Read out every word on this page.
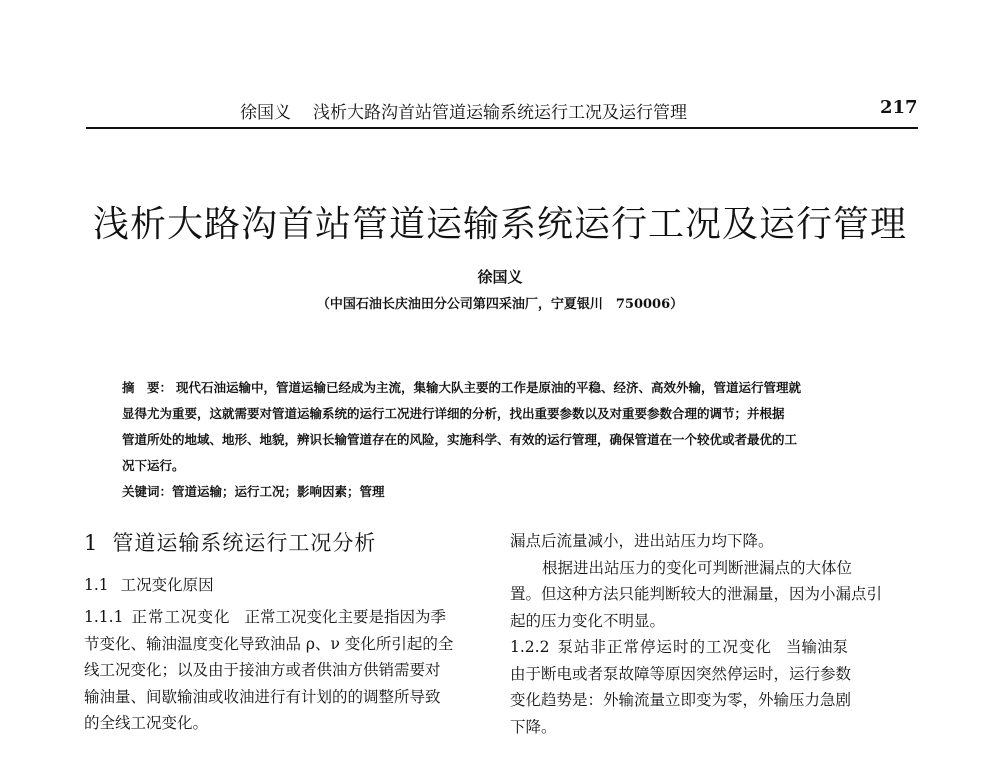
徐国义 浅析大路沟首站管道运输系统运行工况及运行管理	217
浅析大路沟首站管道运输系统运行工况及运行管理
徐国义
（中国石油长庆油田分公司第四采油厂，宁夏银川　750006）
摘　要： 现代石油运输中，管道运输已经成为主流，集输大队主要的工作是原油的平稳、经济、高效外输，管道运行管理就
显得尤为重要，这就需要对管道运输系统的运行工况进行详细的分析，找出重要参数以及对重要参数合理的调节；并根据
管道所处的地域、地形、地貌，辨识长输管道存在的风险，实施科学、有效的运行管理，确保管道在一个较优或者最优的工
况下运行。
关键词：管道运输；运行工况；影响因素；管理
1 管道运输系统运行工况分析
1.1 工况变化原因
1.1.1 正常工况变化 正常工况变化主要是指因为季
节变化、输油温度变化导致油品 ρ、ν 变化所引起的全
线工况变化；以及由于接油方或者供油方供销需要对
输油量、间歇输油或收油进行有计划的的调整所导致
的全线工况变化。
漏点后流量减小，进出站压力均下降。
根据进出站压力的变化可判断泄漏点的大体位
置。但这种方法只能判断较大的泄漏量，因为小漏点引
起的压力变化不明显。
1.2.2 泵站非正常停运时的工况变化 当输油泵
由于断电或者泵故障等原因突然停运时，运行参数
变化趋势是：外输流量立即变为零，外输压力急剧
下降。
